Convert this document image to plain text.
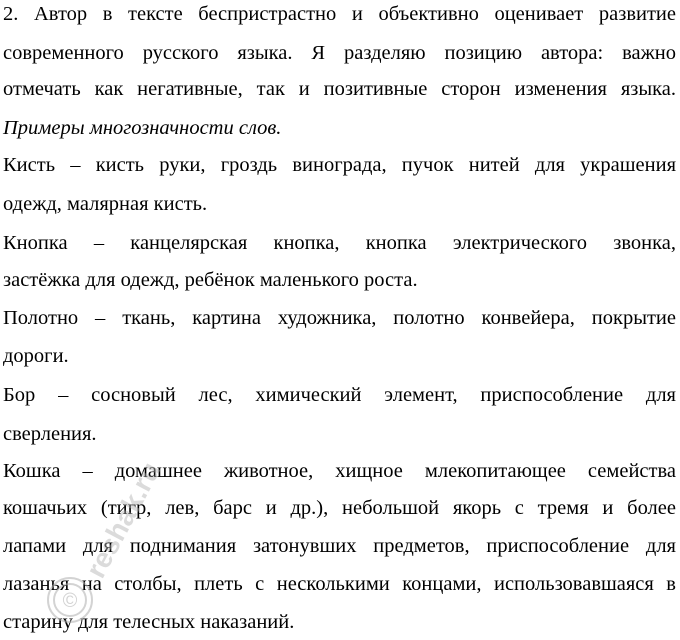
2. Автор в тексте беспристрастно и объективно оценивает развитие
современного русского языка. Я разделяю позицию автора: важно
отмечать как негативные, так и позитивные сторон изменения языка.
Примеры многозначности слов.
Кисть – кисть руки, гроздь винограда, пучок нитей для украшения
одежд, малярная кисть.
Кнопка – канцелярская кнопка, кнопка электрического звонка,
застёжка для одежд, ребёнок маленького роста.
Полотно – ткань, картина художника, полотно конвейера, покрытие
дороги.
Бор – сосновый лес, химический элемент, приспособление для
сверления.
Кошка – домашнее животное, хищное млекопитающее семейства
кошачьих (тигр, лев, барс и др.), небольшой якорь с тремя и более
лапами для поднимания затонувших предметов, приспособление для
лазанья на столбы, плеть с несколькими концами, использовавшаяся в
старину для телесных наказаний.
©
reshak.ru
